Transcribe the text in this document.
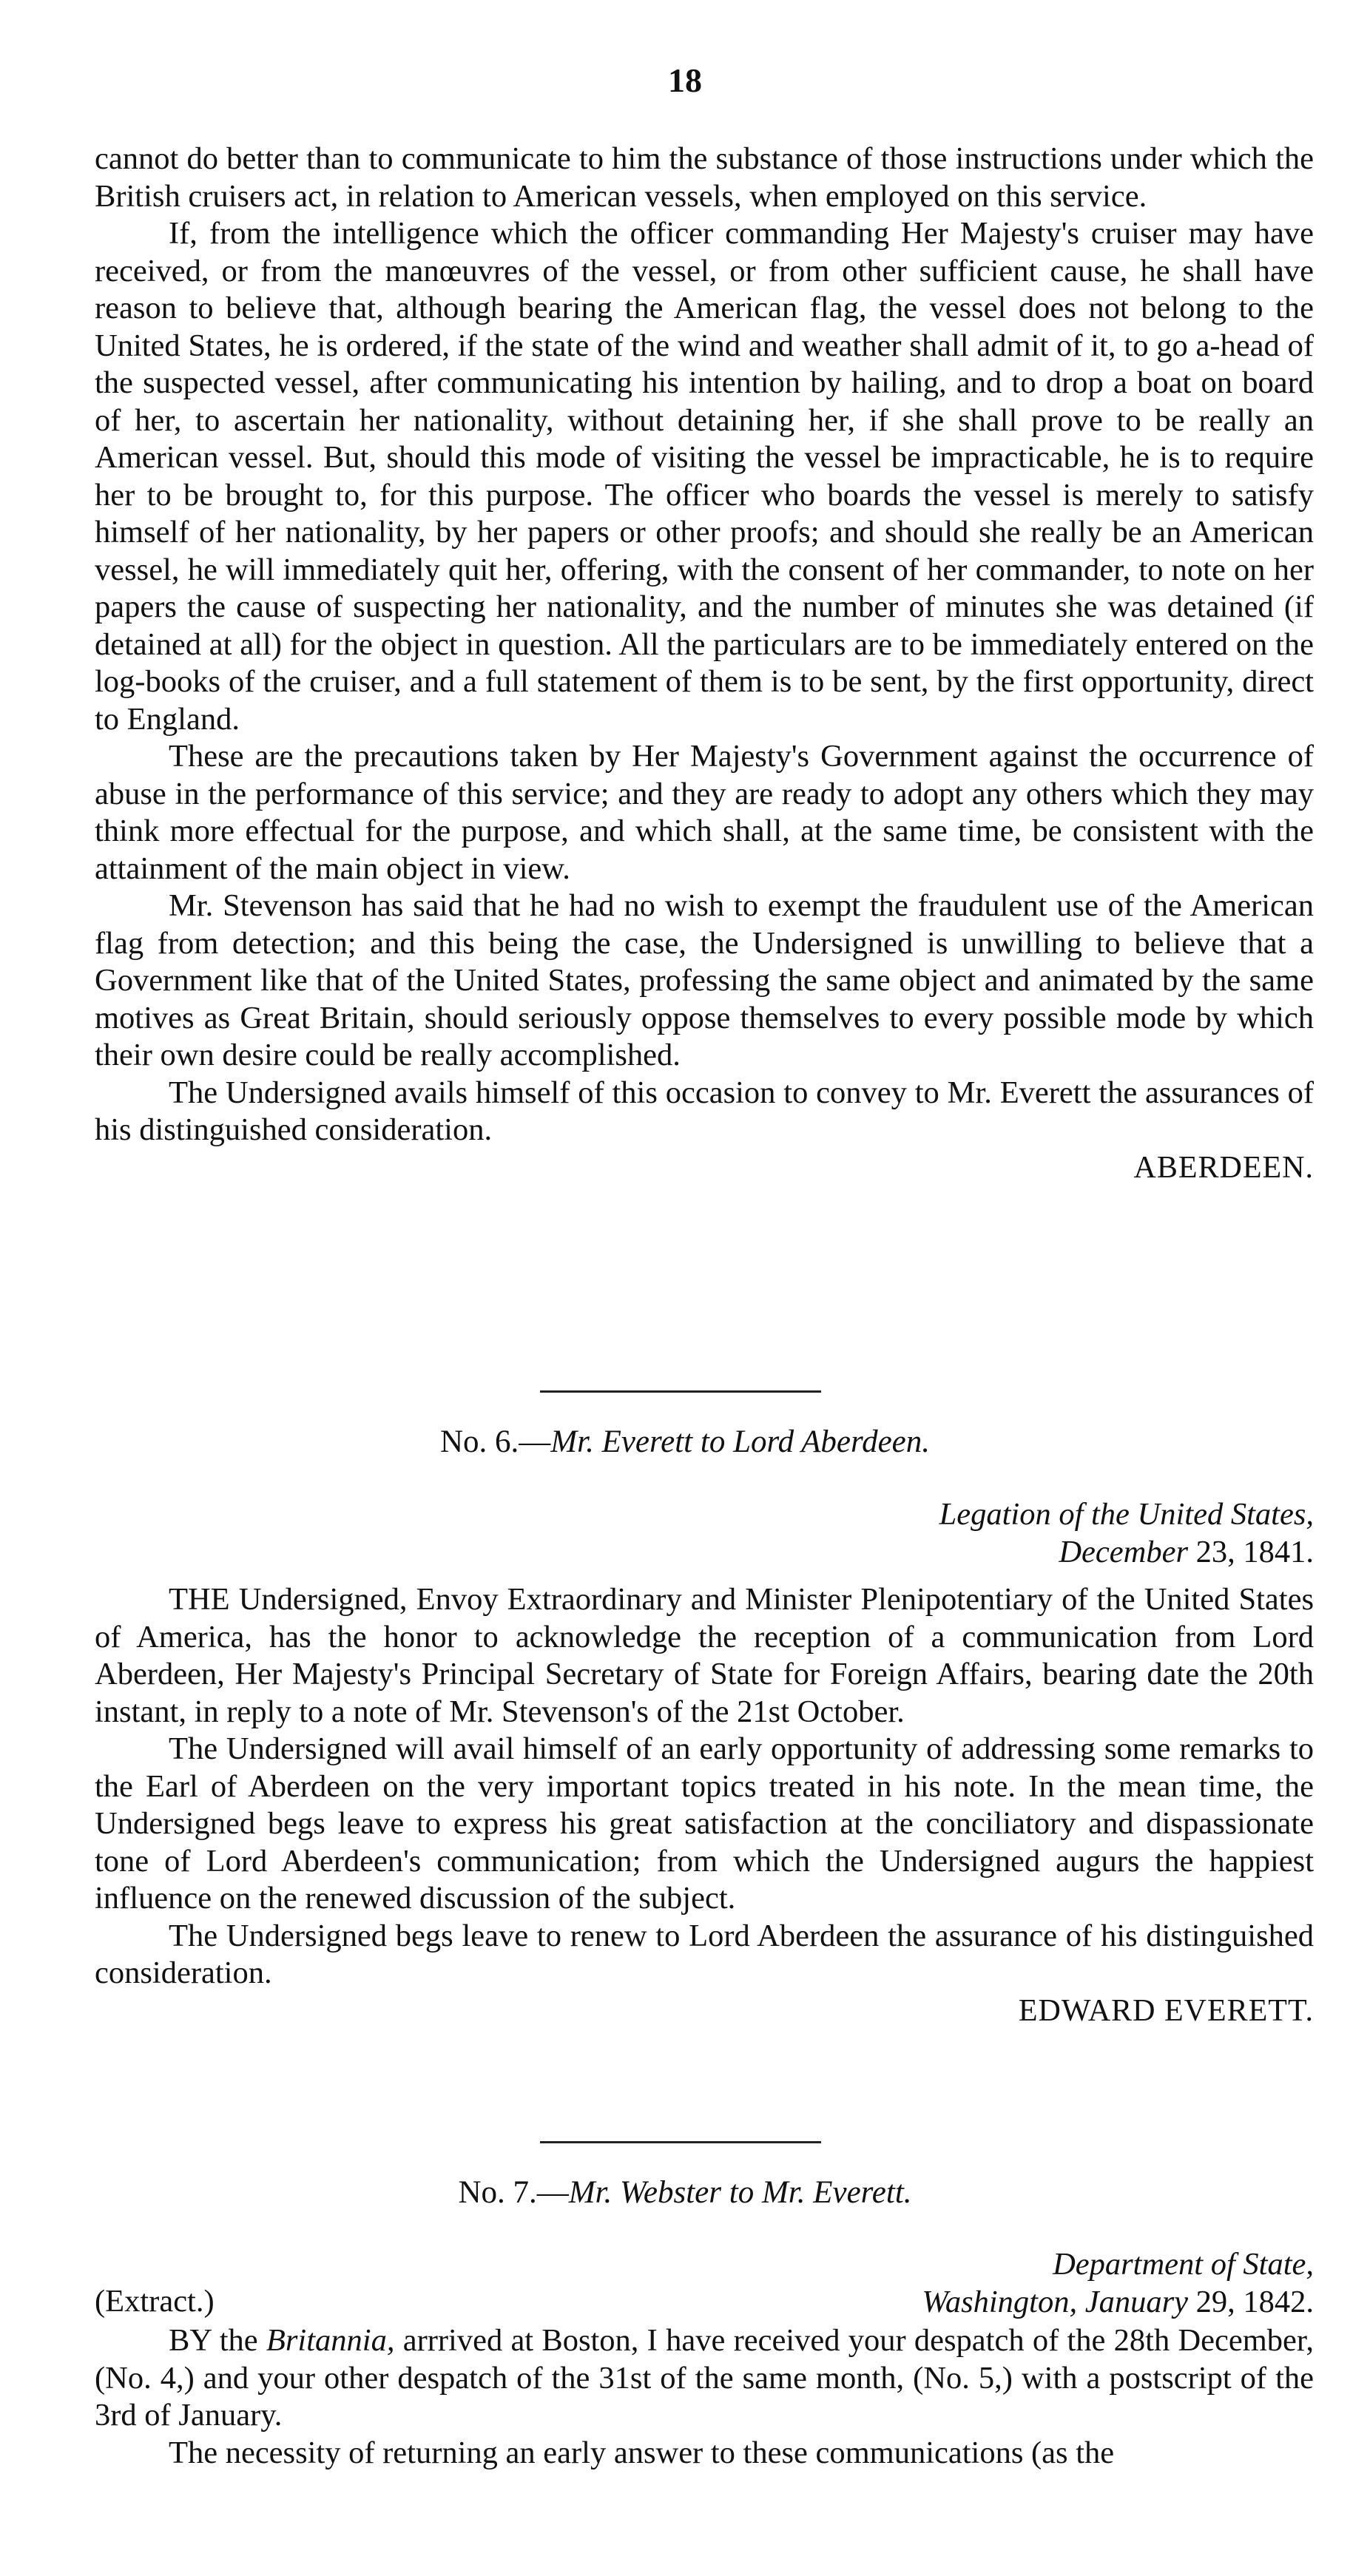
18

cannot do better than to communicate to him the substance of those instructions under which the British cruisers act, in relation to American vessels, when employed on this service.

If, from the intelligence which the officer commanding Her Majesty's cruiser may have received, or from the manœuvres of the vessel, or from other sufficient cause, he shall have reason to believe that, although bearing the American flag, the vessel does not belong to the United States, he is ordered, if the state of the wind and weather shall admit of it, to go a-head of the suspected vessel, after communicating his intention by hailing, and to drop a boat on board of her, to ascertain her nationality, without detaining her, if she shall prove to be really an American vessel. But, should this mode of visiting the vessel be impracticable, he is to require her to be brought to, for this purpose. The officer who boards the vessel is merely to satisfy himself of her nationality, by her papers or other proofs; and should she really be an American vessel, he will immediately quit her, offering, with the consent of her commander, to note on her papers the cause of suspecting her nationality, and the number of minutes she was detained (if detained at all) for the object in question. All the particulars are to be immediately entered on the log-books of the cruiser, and a full statement of them is to be sent, by the first opportunity, direct to England.

These are the precautions taken by Her Majesty's Government against the occurrence of abuse in the performance of this service; and they are ready to adopt any others which they may think more effectual for the purpose, and which shall, at the same time, be consistent with the attainment of the main object in view.

Mr. Stevenson has said that he had no wish to exempt the fraudulent use of the American flag from detection; and this being the case, the Undersigned is unwilling to believe that a Government like that of the United States, professing the same object and animated by the same motives as Great Britain, should seriously oppose themselves to every possible mode by which their own desire could be really accomplished.

The Undersigned avails himself of this occasion to convey to Mr. Everett the assurances of his distinguished consideration.

ABERDEEN.

No. 6.—Mr. Everett to Lord Aberdeen.
Legation of the United States,
December 23, 1841.

THE Undersigned, Envoy Extraordinary and Minister Plenipotentiary of the United States of America, has the honor to acknowledge the reception of a communication from Lord Aberdeen, Her Majesty's Principal Secretary of State for Foreign Affairs, bearing date the 20th instant, in reply to a note of Mr. Stevenson's of the 21st October.

The Undersigned will avail himself of an early opportunity of addressing some remarks to the Earl of Aberdeen on the very important topics treated in his note. In the mean time, the Undersigned begs leave to express his great satisfaction at the conciliatory and dispassionate tone of Lord Aberdeen's communication; from which the Undersigned augurs the happiest influence on the renewed discussion of the subject.

The Undersigned begs leave to renew to Lord Aberdeen the assurance of his distinguished consideration.

EDWARD EVERETT.

No. 7.—Mr. Webster to Mr. Everett.
Department of State,
Washington, January 29, 1842.
(Extract.)

BY the Britannia, arrrived at Boston, I have received your despatch of the 28th December, (No. 4,) and your other despatch of the 31st of the same month, (No. 5,) with a postscript of the 3rd of January.

The necessity of returning an early answer to these communications (as the
